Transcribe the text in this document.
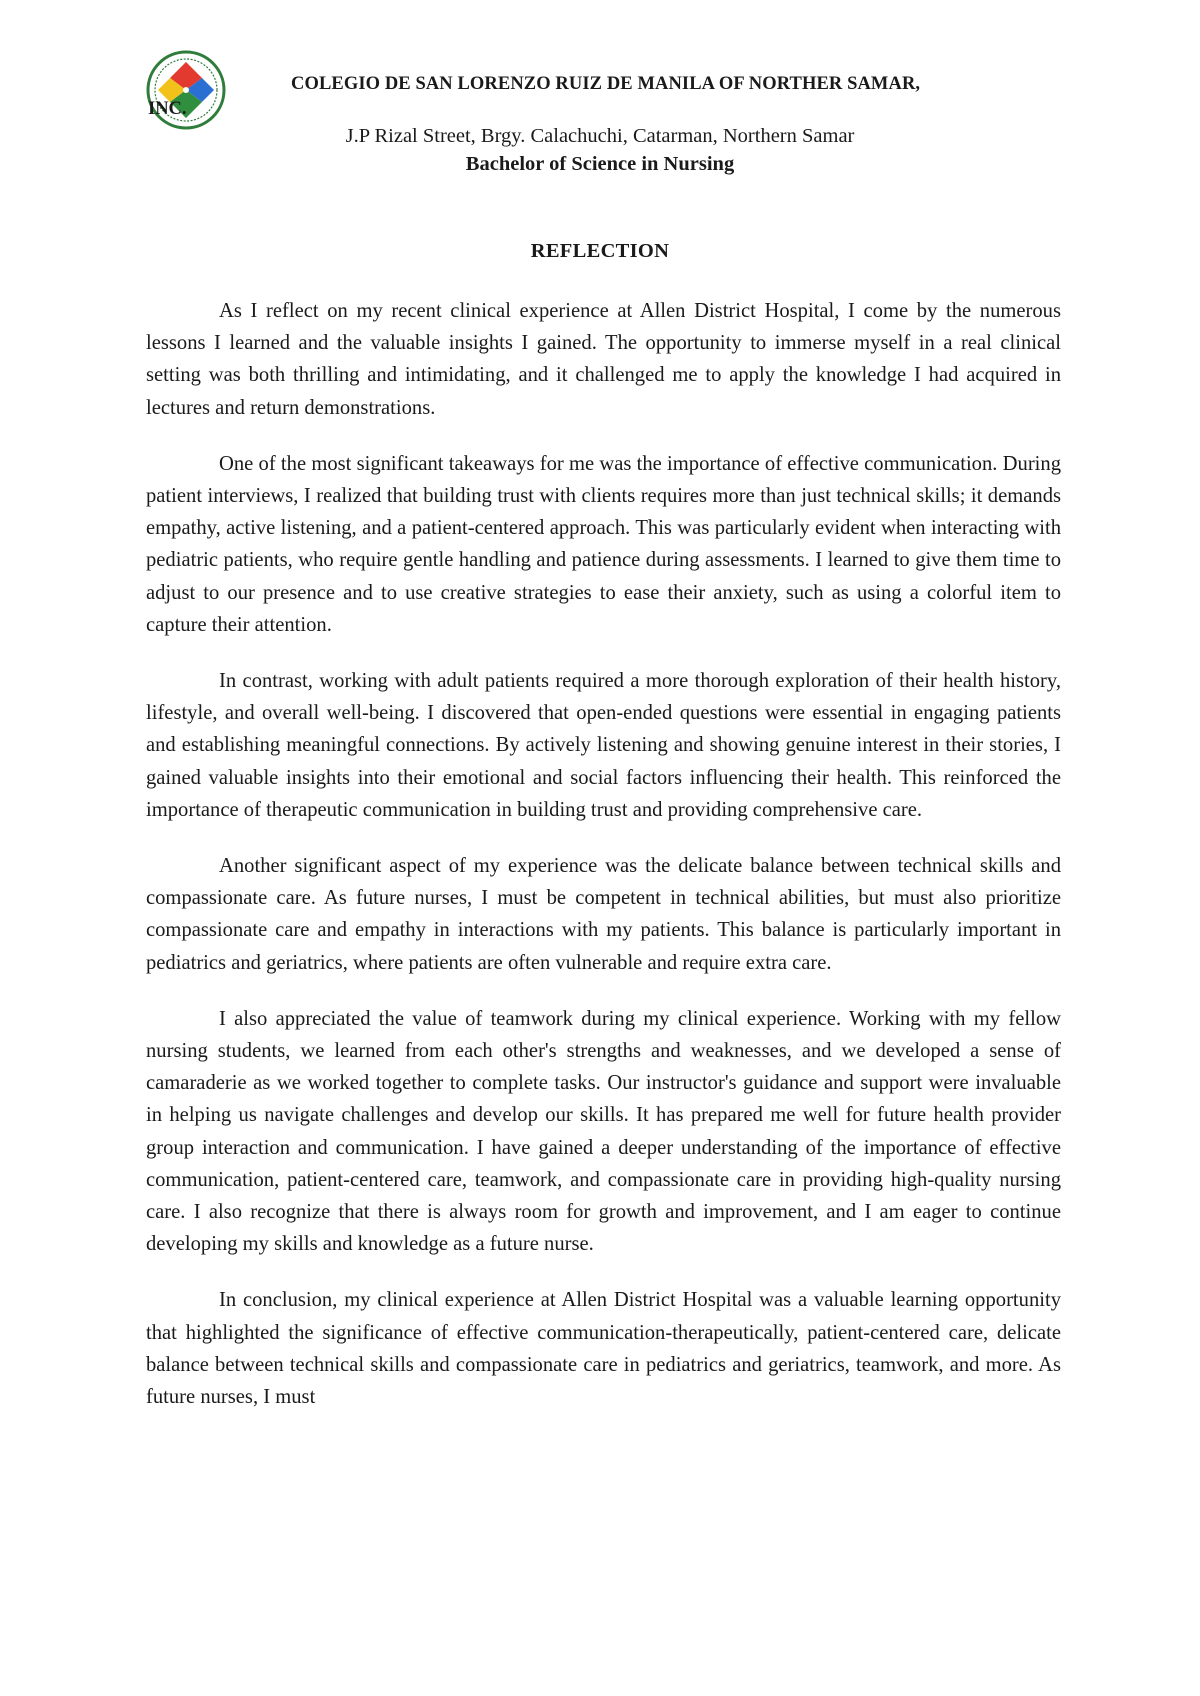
COLEGIO DE SAN LORENZO RUIZ DE MANILA OF NORTHER SAMAR,

INC.

J.P Rizal Street, Brgy. Calachuchi, Catarman, Northern Samar

Bachelor of Science in Nursing

REFLECTION

As I reflect on my recent clinical experience at Allen District Hospital, I come by the numerous lessons I learned and the valuable insights I gained. The opportunity to immerse myself in a real clinical setting was both thrilling and intimidating, and it challenged me to apply the knowledge I had acquired in lectures and return demonstrations.

One of the most significant takeaways for me was the importance of effective communication. During patient interviews, I realized that building trust with clients requires more than just technical skills; it demands empathy, active listening, and a patient-centered approach. This was particularly evident when interacting with pediatric patients, who require gentle handling and patience during assessments. I learned to give them time to adjust to our presence and to use creative strategies to ease their anxiety, such as using a colorful item to capture their attention.

In contrast, working with adult patients required a more thorough exploration of their health history, lifestyle, and overall well-being. I discovered that open-ended questions were essential in engaging patients and establishing meaningful connections. By actively listening and showing genuine interest in their stories, I gained valuable insights into their emotional and social factors influencing their health. This reinforced the importance of therapeutic communication in building trust and providing comprehensive care.

Another significant aspect of my experience was the delicate balance between technical skills and compassionate care. As future nurses, I must be competent in technical abilities, but must also prioritize compassionate care and empathy in interactions with my patients. This balance is particularly important in pediatrics and geriatrics, where patients are often vulnerable and require extra care.

I also appreciated the value of teamwork during my clinical experience. Working with my fellow nursing students, we learned from each other's strengths and weaknesses, and we developed a sense of camaraderie as we worked together to complete tasks. Our instructor's guidance and support were invaluable in helping us navigate challenges and develop our skills. It has prepared me well for future health provider group interaction and communication. I have gained a deeper understanding of the importance of effective communication, patient-centered care, teamwork, and compassionate care in providing high-quality nursing care. I also recognize that there is always room for growth and improvement, and I am eager to continue developing my skills and knowledge as a future nurse.

In conclusion, my clinical experience at Allen District Hospital was a valuable learning opportunity that highlighted the significance of effective communication-therapeutically, patient-centered care, delicate balance between technical skills and compassionate care in pediatrics and geriatrics, teamwork, and more. As future nurses, I must
